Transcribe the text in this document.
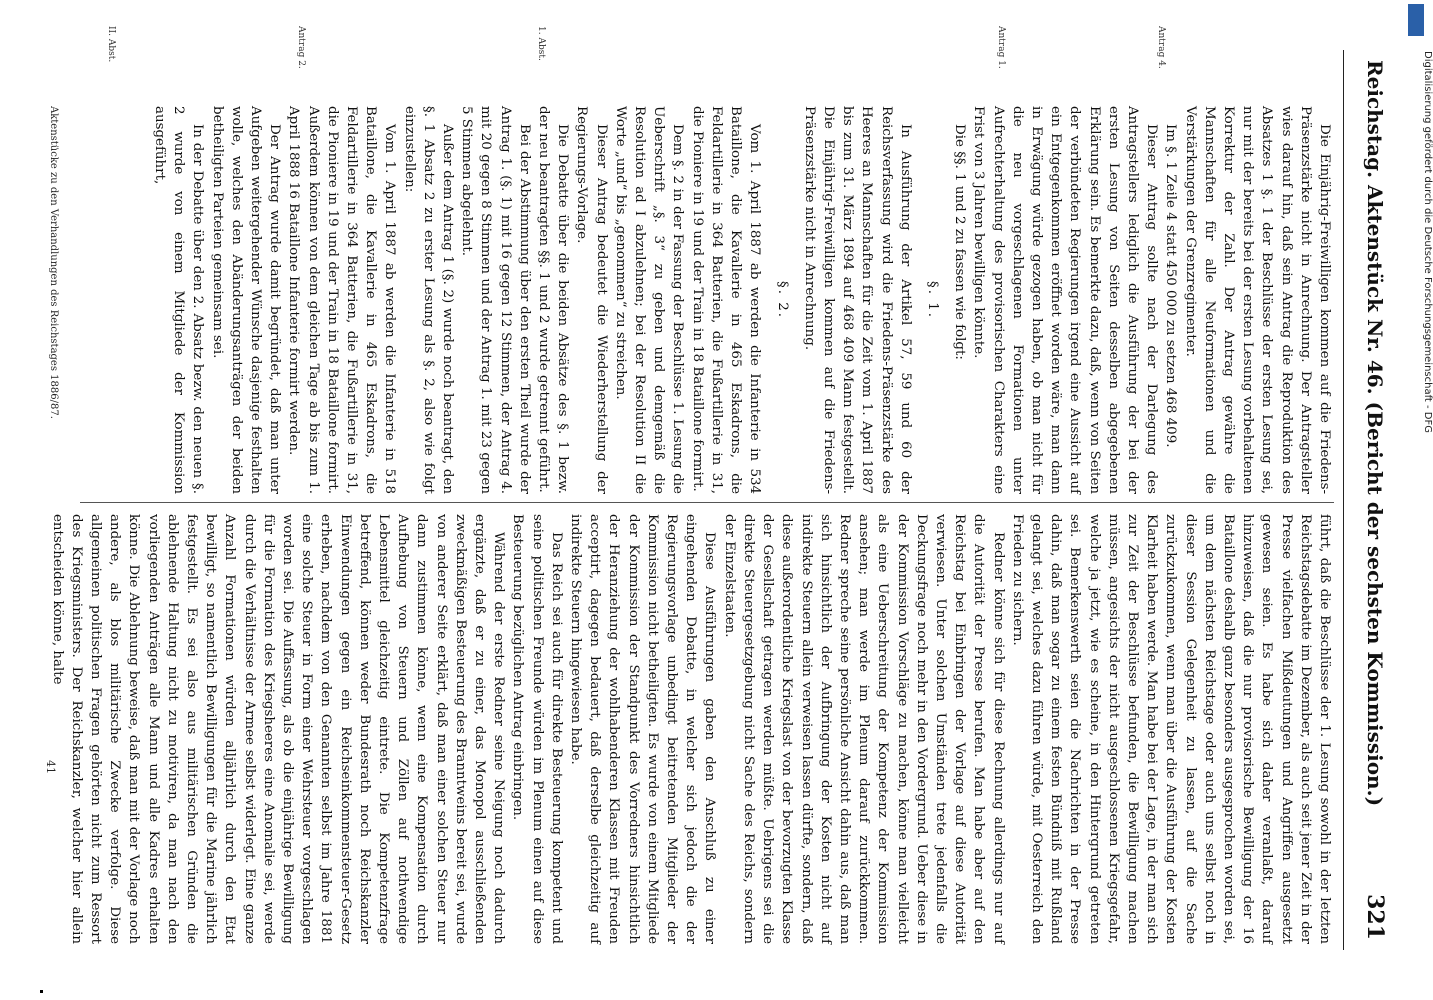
Reichstag. Aktenstück Nr. 46. (Bericht der sechsten Kommission.)
321
Antrag 4.
Antrag 1.
1. Abst.
Antrag 2.
II. Abst.

Die Einjährig-Freiwilligen kommen auf die Friedens-Präsenzstärke nicht in Anrechnung. Der Antragsteller wies darauf hin, daß sein Antrag die Reproduktion des Absatzes 1 §. 1 der Beschlüsse der ersten Lesung sei, nur mit der bereits bei der ersten Lesung vorbehaltenen Korrektur der Zahl. Der Antrag gewähre die Mannschaften für alle Neuformationen und die Verstärkungen der Grenzregimenter.

Im §. 1 Zeile 4 statt 450 000 zu setzen 468 409.

Dieser Antrag sollte nach der Darlegung des Antragstellers lediglich die Ausführung der bei der ersten Lesung von Seiten desselben abgegebenen Erklärung sein. Es bemerkte dazu, daß, wenn von Seiten der verbündeten Regierungen irgend eine Aussicht auf ein Entgegenkommen eröffnet worden wäre, man dann in Erwägung würde gezogen haben, ob man nicht für die neu vorgeschlagenen Formationen unter Aufrechterhaltung des provisorischen Charakters eine Frist von 3 Jahren bewilligen könnte.

Die §§. 1 und 2 zu fassen wie folgt:

§. 1.

In Ausführung der Artikel 57, 59 und 60 der Reichsverfassung wird die Friedens-Präsenzstärke des Heeres an Mannschaften für die Zeit vom 1. April 1887 bis zum 31. März 1894 auf 468 409 Mann festgestellt. Die Einjährig-Freiwilligen kommen auf die Friedens-Präsenzstärke nicht in Anrechnung.

§. 2.

Vom 1. April 1887 ab werden die Infanterie in 534 Bataillone, die Kavallerie in 465 Eskadrons, die Feldartillerie in 364 Batterien, die Fußartillerie in 31, die Pioniere in 19 und der Train in 18 Bataillone formirt.

Dem §. 2 in der Fassung der Beschlüsse 1. Lesung die Ueberschrift „§. 3“ zu geben und demgemäß die Resolution ad I abzulehnen; bei der Resolution II die Worte „und“ bis „genommen“ zu streichen.

Dieser Antrag bedeutet die Wiederherstellung der Regierungs-Vorlage.

Die Debatte über die beiden Absätze des §. 1 bezw. der neu beantragten §§. 1 und 2 wurde getrennt geführt.

Bei der Abstimmung über den ersten Theil wurde der Antrag 1. (§. 1) mit 16 gegen 12 Stimmen, der Antrag 4. mit 20 gegen 8 Stimmen und der Antrag 1. mit 23 gegen 5 Stimmen abgelehnt.

Außer dem Antrag 1 (§. 2) wurde noch beantragt, den §. 1 Absatz 2 zu erster Lesung als §. 2, also wie folgt einzustellen:

Vom 1. April 1887 ab werden die Infanterie in 518 Bataillone, die Kavallerie in 465 Eskadrons, die Feldartillerie in 364 Batterien, die Fußartillerie in 31, die Pioniere in 19 und der Train in 18 Bataillone formirt. Außerdem können von dem gleichen Tage ab bis zum 1. April 1888 16 Bataillone Infanterie formirt werden.

Der Antrag wurde damit begründet, daß man unter Aufgeben weitergehender Wünsche dasjenige festhalten wolle, welches den Abänderungsanträgen der beiden betheiligten Parteien gemeinsam sei.

In der Debatte über den 2. Absatz bezw. den neuen §. 2 wurde von einem Mitgliede der Kommission ausgeführt,

führt, daß die Beschlüsse der 1. Lesung sowohl in der letzten Reichstagsdebatte im Dezember, als auch seit jener Zeit in der Presse vielfachen Mißdeutungen und Angriffen ausgesetzt gewesen seien. Es habe sich daher veranlaßt, darauf hinzuweisen, daß die nur provisorische Bewilligung der 16 Bataillone deshalb ganz besonders ausgesprochen worden sei, um dem nächsten Reichstage oder auch uns selbst noch in dieser Session Gelegenheit zu lassen, auf die Sache zurückzukommen, wenn man über die Ausführung der Kosten Klarheit haben werde. Man habe bei der Lage, in der man sich zur Zeit der Beschlüsse befunden, die Bewilligung machen müssen, angesichts der nicht ausgeschlossenen Kriegsgefahr, welche ja jetzt, wie es scheine, in den Hintergrund getreten sei. Bemerkenswerth seien die Nachrichten in der Presse dahin, daß man sogar zu einem festen Bündniß mit Rußland gelangt sei, welches dazu führen würde, mit Oesterreich den Frieden zu sichern.

Redner könne sich für diese Rechnung allerdings nur auf die Autorität der Presse berufen. Man habe aber auf den Reichstag bei Einbringen der Vorlage auf diese Autorität verwiesen. Unter solchen Umständen trete jedenfalls die Deckungsfrage noch mehr in den Vordergrund. Ueber diese in der Kommission Vorschläge zu machen, könne man vielleicht als eine Ueberschreitung der Kompetenz der Kommission ansehen; man werde im Plenum darauf zurückkommen. Redner spreche seine persönliche Ansicht dahin aus, daß man sich hinsichtlich der Aufbringung der Kosten nicht auf indirekte Steuern allein verweisen lassen dürfte, sondern, daß diese außerordentliche Kriegslast von der bevorzugten Klasse der Gesellschaft getragen werden müßte. Uebrigens sei die direkte Steuergesetzgebung nicht Sache des Reichs, sondern der Einzelstaaten.

Diese Ausführungen gaben den Anschluß zu einer eingehenden Debatte, in welcher sich jedoch die der Regierungsvorlage unbedingt beitretenden Mitglieder der Kommission nicht betheiligten. Es wurde von einem Mitgliede der Kommission der Standpunkt des Vorredners hinsichtlich der Heranziehung der wohlhabenderen Klassen mit Freuden acceptirt, dagegen bedauert, daß derselbe gleichzeitig auf indirekte Steuern hingewiesen habe.

Das Reich sei auch für direkte Besteuerung kompetent und seine politischen Freunde würden im Plenum einen auf diese Besteuerung bezüglichen Antrag einbringen.

Während der erste Redner seine Neigung noch dadurch ergänzte, daß er zu einer, das Monopol ausschließenden zweckmäßigen Besteuerung des Branntweins bereit sei, wurde von anderer Seite erklärt, daß man einer solchen Steuer nur dann zustimmen könne, wenn eine Kompensation durch Aufhebung von Steuern und Zöllen auf nothwendige Lebensmittel gleichzeitig eintrete. Die Kompetenzfrage betreffend, können weder Bundesrath noch Reichskanzler Einwendungen gegen ein Reichseinkommensteuer-Gesetz erheben, nachdem von den Genannten selbst im Jahre 1881 eine solche Steuer in Form einer Wehrsteuer vorgeschlagen worden sei. Die Auffassung, als ob die einjährige Bewilligung für die Formation des Kriegsheeres eine Anomalie sei, werde durch die Verhältnisse der Armee selbst widerlegt. Eine ganze Anzahl Formationen würden alljährlich durch den Etat bewilligt, so namentlich Bewilligungen für die Marine jährlich festgestellt. Es sei also aus militärischen Gründen die ablehnende Haltung nicht zu motiviren, da man nach den vorliegenden Anträgen alle Mann und alle Kadres erhalten könne. Die Ablehnung beweise, daß man mit der Vorlage noch andere, als blos militärische Zwecke verfolge. Diese allgemeinen politischen Fragen gehörten nicht zum Ressort des Kriegsministers. Der Reichskanzler, welcher hier allein entscheiden könne, halte

Aktenstücke zu den Verhandlungen des Reichstages 1886/87.
41
Digitalisierung gefördert durch die Deutsche Forschungsgemeinschaft - DFG
